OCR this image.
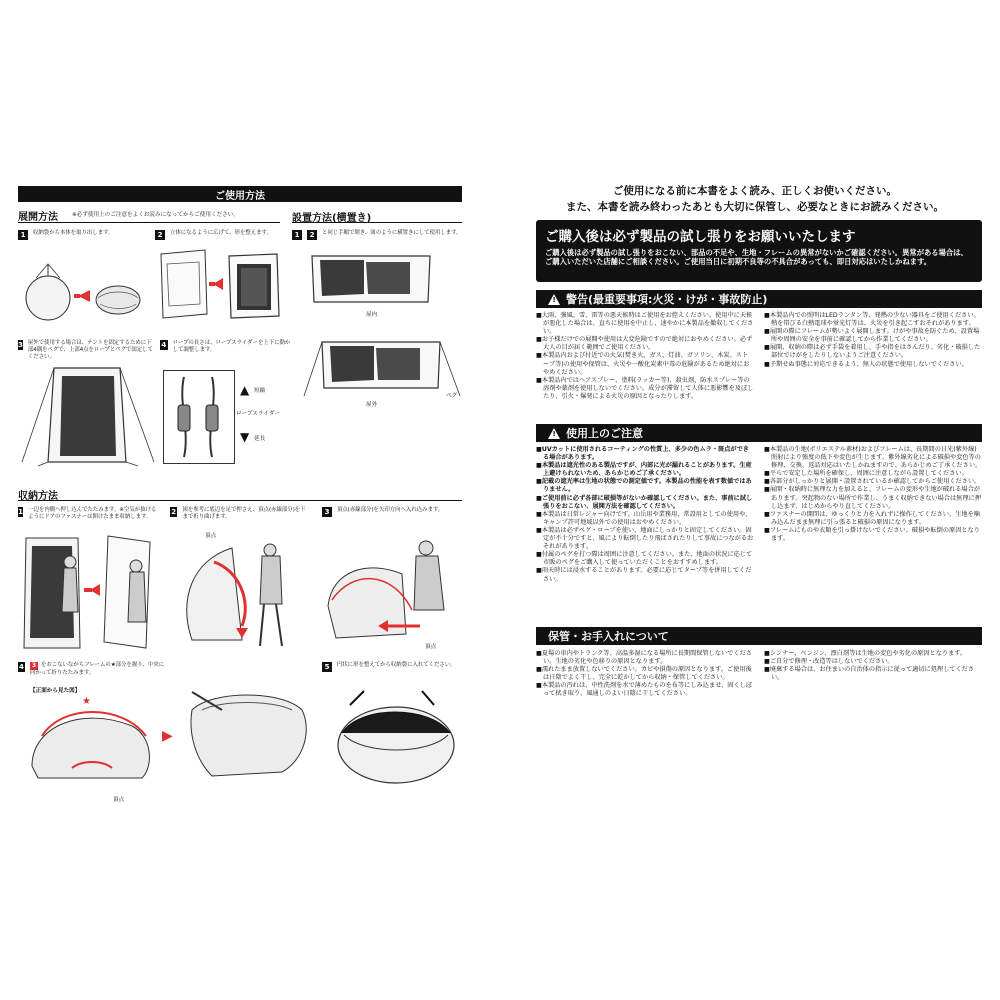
ご使用方法
展開方法	※必ず使用上のご注意をよくお読みになってからご使用ください。	設置方法(横置き)
1	収納袋から本体を取り出します。	2	立体になるように広げて、形を整えます。
3 屋外で使用する場合は、テントを固定するために下部4隅をペグで、上部4点をロープとペグで固定してください。
4 ロープの長さは、ロープスライダーを上下に動かして調整します。
▲ 短縮
ロープスライダー
▼ 延長
1	2	と同じ手順で開き、図のように横置きにして使用します。
屋内
屋外
ペグ
収納方法
1 一辺を内側へ押し込んでたたみます。※空気が抜けるようにドアのファスナーは開けたまま収納します。
2 図を参考に底辺を足で押さえ、頂点(赤線部分)を下まで折り曲げます。
頂点
3	頂点(赤線部分)を矢印方向へ入れ込みます。
頂点
4	3 をおこないながらフレームの★部分を握り、中央に向かって折りたたみます。
【正面から見た図】
★
頂点
▶
5	円状に形を整えてから収納袋に入れてください。
ご使用になる前に本書をよく読み、正しくお使いください。
また、本書を読み終わったあとも大切に保管し、必要なときにお読みください。
ご購入後は必ず製品の試し張りをお願いいたします
ご購入後は必ず製品の試し張りをおこない、部品の不足や、生地・フレームの異常がないかご確認ください。異常がある場合は、ご購入いただいた店舗にご相談ください。ご使用当日に初期不良等の不具合があっても、即日対応はいたしかねます。
!
警告(最重要事項:火災・けが・事故防止)
■大雨、強風、雪、雷等の悪天候時はご使用をお控えください。使用中に天候が悪化した場合は、直ちに使用を中止し、速やかに本製品を撤収してください。
■お子様だけでの展開や使用は大変危険ですので絶対におやめください。必ず大人の目が届く範囲でご使用ください。
■本製品内および付近での火気(焚き火、ガス、灯油、ガソリン、木炭、ストーブ等)の使用や保管は、火災や一酸化炭素中毒の危険があるため絶対におやめください。
■本製品内ではヘアスプレー、塗料(ラッカー等)、殺虫剤、防水スプレー等の溶剤や薬剤を使用しないでください。成分が滞留して人体に悪影響を及ぼしたり、引火・爆発による火災の原因となったりします。
■本製品内での照明はLEDランタン等、発熱の少ない器具をご使用ください。熱を帯びる白熱電球や蛍光灯等は、火災を引き起こすおそれがあります。
■展開の際にフレームが勢いよく展開します。けがや事故を防ぐため、設置場所や周囲の安全を事前に確認してから作業してください。
■展開、収納の際は必ず手袋を着用し、手や指をはさんだり、劣化・破損した部位でけがをしたりしないようご注意ください。
■予期せぬ事態に対応できるよう、無人の状態で使用しないでください。
!
使用上のご注意
■UVカットに使用されるコーティングの性質上、多少の色ムラ・斑点ができる場合があります。
■本製品は遮光性のある製品ですが、内部に光が漏れることがあります。生産上避けられないため、あらかじめご了承ください。
■記載の遮光率は生地の状態での測定値です。本製品の性能を表す数値ではありません。
■ご使用前に必ず各部に破損等がないか確認してください。また、事前に試し張りをおこない、展開方法を確認してください。
■本製品は日常レジャー向けです。山岳用や業務用、常設用としての使用や、キャンプ許可地域以外での使用はおやめください。
■本製品は必ずペグ・ロープを使い、地面にしっかりと固定してください。固定が不十分ですと、風により転倒したり飛ばされたりして事故につながるおそれがあります。
■付属のペグを打つ際は周囲に注意してください。また、地面の状況に応じて市販のペグをご購入して使っていただくことをおすすめします。
■雨天時には浸水することがあります。必要に応じてタープ等を併用してください。
■本製品の生地(ポリエステル素材)およびフレームは、長期間の日光(紫外線)照射により強度の低下や変色が生じます。紫外線劣化による破損や変色等の修理、交換、返品対応はいたしかねますので、あらかじめご了承ください。
■平らで安定した場所を確保し、周囲に注意しながら設置してください。
■各部分がしっかりと展開・設置されているか確認してからご使用ください。
■展開・収納時に無理な力を加えると、フレームの変形や生地が破れる場合があります。突起物のない場所で作業し、うまく収納できない場合は無理に押し込まず、はじめからやり直してください。
■ファスナーの開閉は、ゆっくりと力を入れずに操作してください。生地を噛み込んだまま無理に引っ張ると破損の原因になります。
■フレームにものや衣類を引っ掛けないでください。破損や転倒の原因となります。
保管・お手入れについて
■夏場の車内やトランク等、高温多湿になる場所に長期間保管しないでください。生地の劣化や色移りの原因となります。
■濡れたまま放置しないでください。カビや損傷の原因となります。ご使用後は日陰でよく干し、完全に乾かしてから収納・保管してください。
■本製品の汚れは、中性洗剤を水で薄めたものを布等にしみ込ませ、固くしぼって拭き取り、風通しのよい日陰に干してください。
■シンナー、ベンジン、漂白剤等は生地の変色や劣化の原因となります。
■ご自分で修理・改造等はしないでください。
■廃棄する場合は、お住まいの自治体の指示に従って適切に処理してください。
